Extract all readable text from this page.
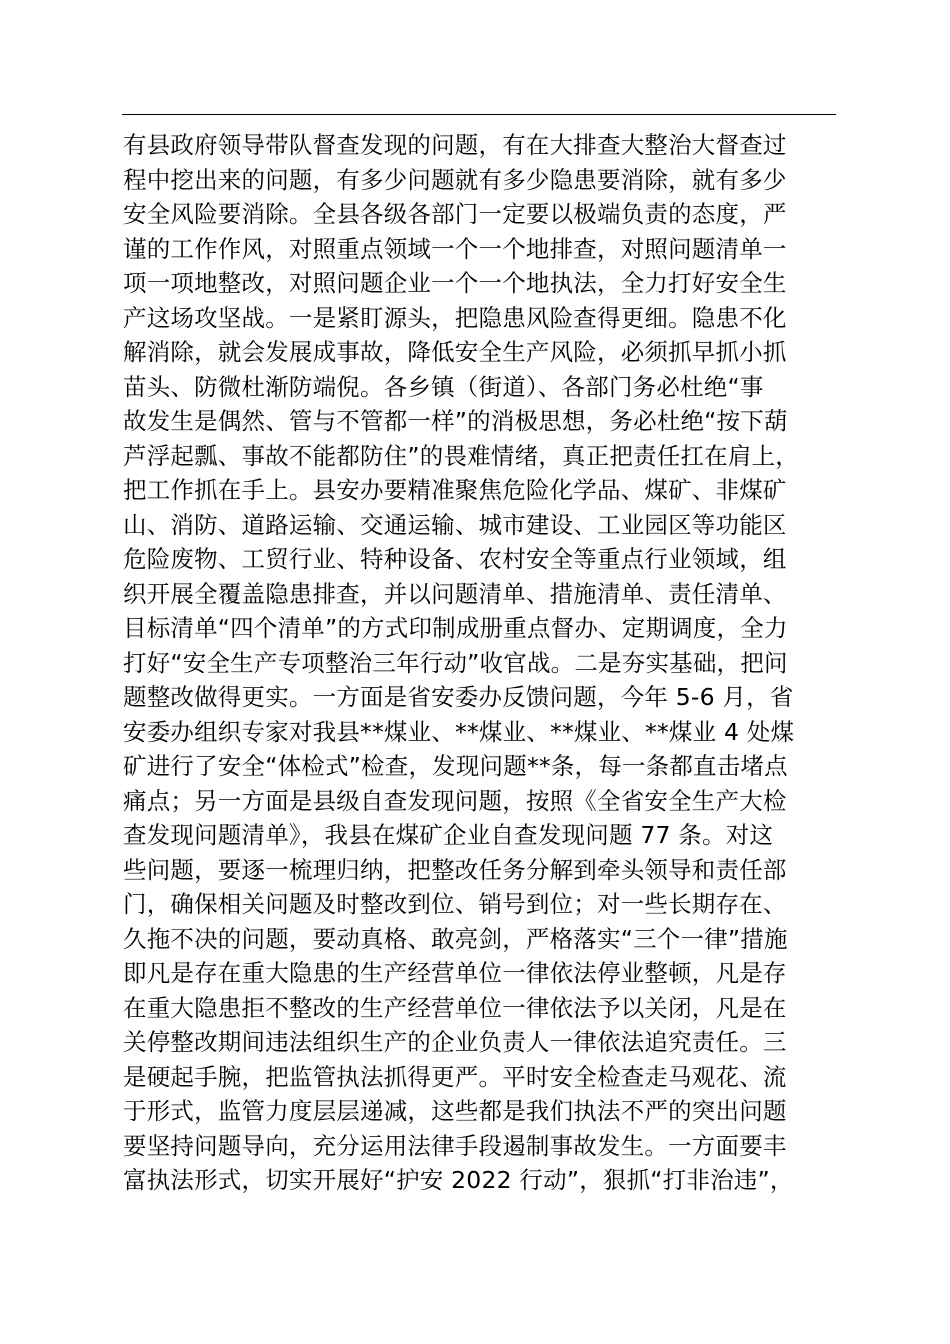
有县政府领导带队督查发现的问题，有在大排查大整治大督查过
程中挖出来的问题，有多少问题就有多少隐患要消除，就有多少
安全风险要消除。全县各级各部门一定要以极端负责的态度，严
谨的工作作风，对照重点领域一个一个地排查，对照问题清单一
项一项地整改，对照问题企业一个一个地执法，全力打好安全生
产这场攻坚战。一是紧盯源头，把隐患风险查得更细。隐患不化
解消除，就会发展成事故，降低安全生产风险，必须抓早抓小抓
苗头、防微杜渐防端倪。各乡镇（街道）、各部门务必杜绝“事
故发生是偶然、管与不管都一样”的消极思想，务必杜绝“按下葫
芦浮起瓢、事故不能都防住”的畏难情绪，真正把责任扛在肩上，
把工作抓在手上。县安办要精准聚焦危险化学品、煤矿、非煤矿
山、消防、道路运输、交通运输、城市建设、工业园区等功能区
危险废物、工贸行业、特种设备、农村安全等重点行业领域，组
织开展全覆盖隐患排查，并以问题清单、措施清单、责任清单、
目标清单“四个清单”的方式印制成册重点督办、定期调度，全力
打好“安全生产专项整治三年行动”收官战。二是夯实基础，把问
题整改做得更实。一方面是省安委办反馈问题，今年 5-6 月，省
安委办组织专家对我县**煤业、**煤业、**煤业、**煤业 4 处煤
矿进行了安全“体检式”检查，发现问题**条，每一条都直击堵点
痛点；另一方面是县级自查发现问题，按照《全省安全生产大检
查发现问题清单》，我县在煤矿企业自查发现问题 77 条。对这
些问题，要逐一梳理归纳，把整改任务分解到牵头领导和责任部
门，确保相关问题及时整改到位、销号到位；对一些长期存在、
久拖不决的问题，要动真格、敢亮剑，严格落实“三个一律”措施
即凡是存在重大隐患的生产经营单位一律依法停业整顿，凡是存
在重大隐患拒不整改的生产经营单位一律依法予以关闭，凡是在
关停整改期间违法组织生产的企业负责人一律依法追究责任。三
是硬起手腕，把监管执法抓得更严。平时安全检查走马观花、流
于形式，监管力度层层递减，这些都是我们执法不严的突出问题
要坚持问题导向，充分运用法律手段遏制事故发生。一方面要丰
富执法形式，切实开展好“护安 2022 行动”，狠抓“打非治违”，
